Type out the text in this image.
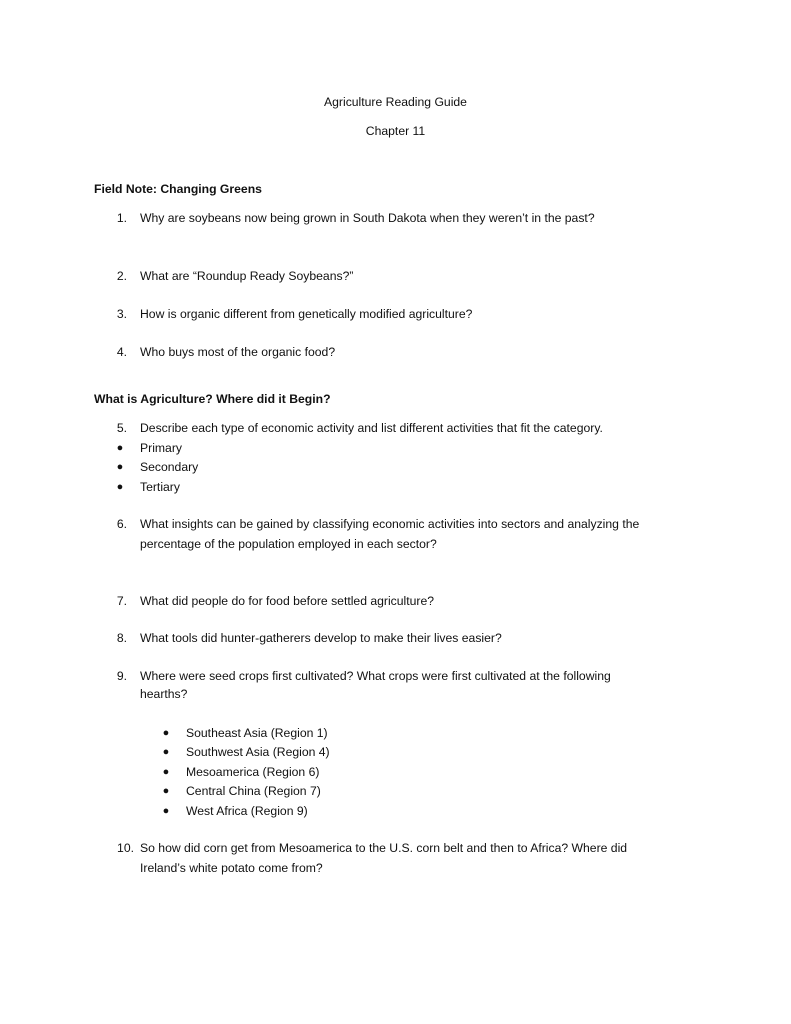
Agriculture Reading Guide
Chapter 11
Field Note: Changing Greens
1. Why are soybeans now being grown in South Dakota when they weren’t in the past?
2. What are “Roundup Ready Soybeans?”
3. How is organic different from genetically modified agriculture?
4. Who buys most of the organic food?
What is Agriculture? Where did it Begin?
5. Describe each type of economic activity and list different activities that fit the category.
●	Primary
●	Secondary
●	Tertiary
6. What insights can be gained by classifying economic activities into sectors and analyzing the
percentage of the population employed in each sector?
7. What did people do for food before settled agriculture?
8. What tools did hunter-gatherers develop to make their lives easier?
9. Where were seed crops first cultivated? What crops were first cultivated at the following
hearths?
●	Southeast Asia (Region 1)
●	Southwest Asia (Region 4)
●	Mesoamerica (Region 6)
●	Central China (Region 7)
●	West Africa (Region 9)
10. So how did corn get from Mesoamerica to the U.S. corn belt and then to Africa? Where did
Ireland’s white potato come from?
